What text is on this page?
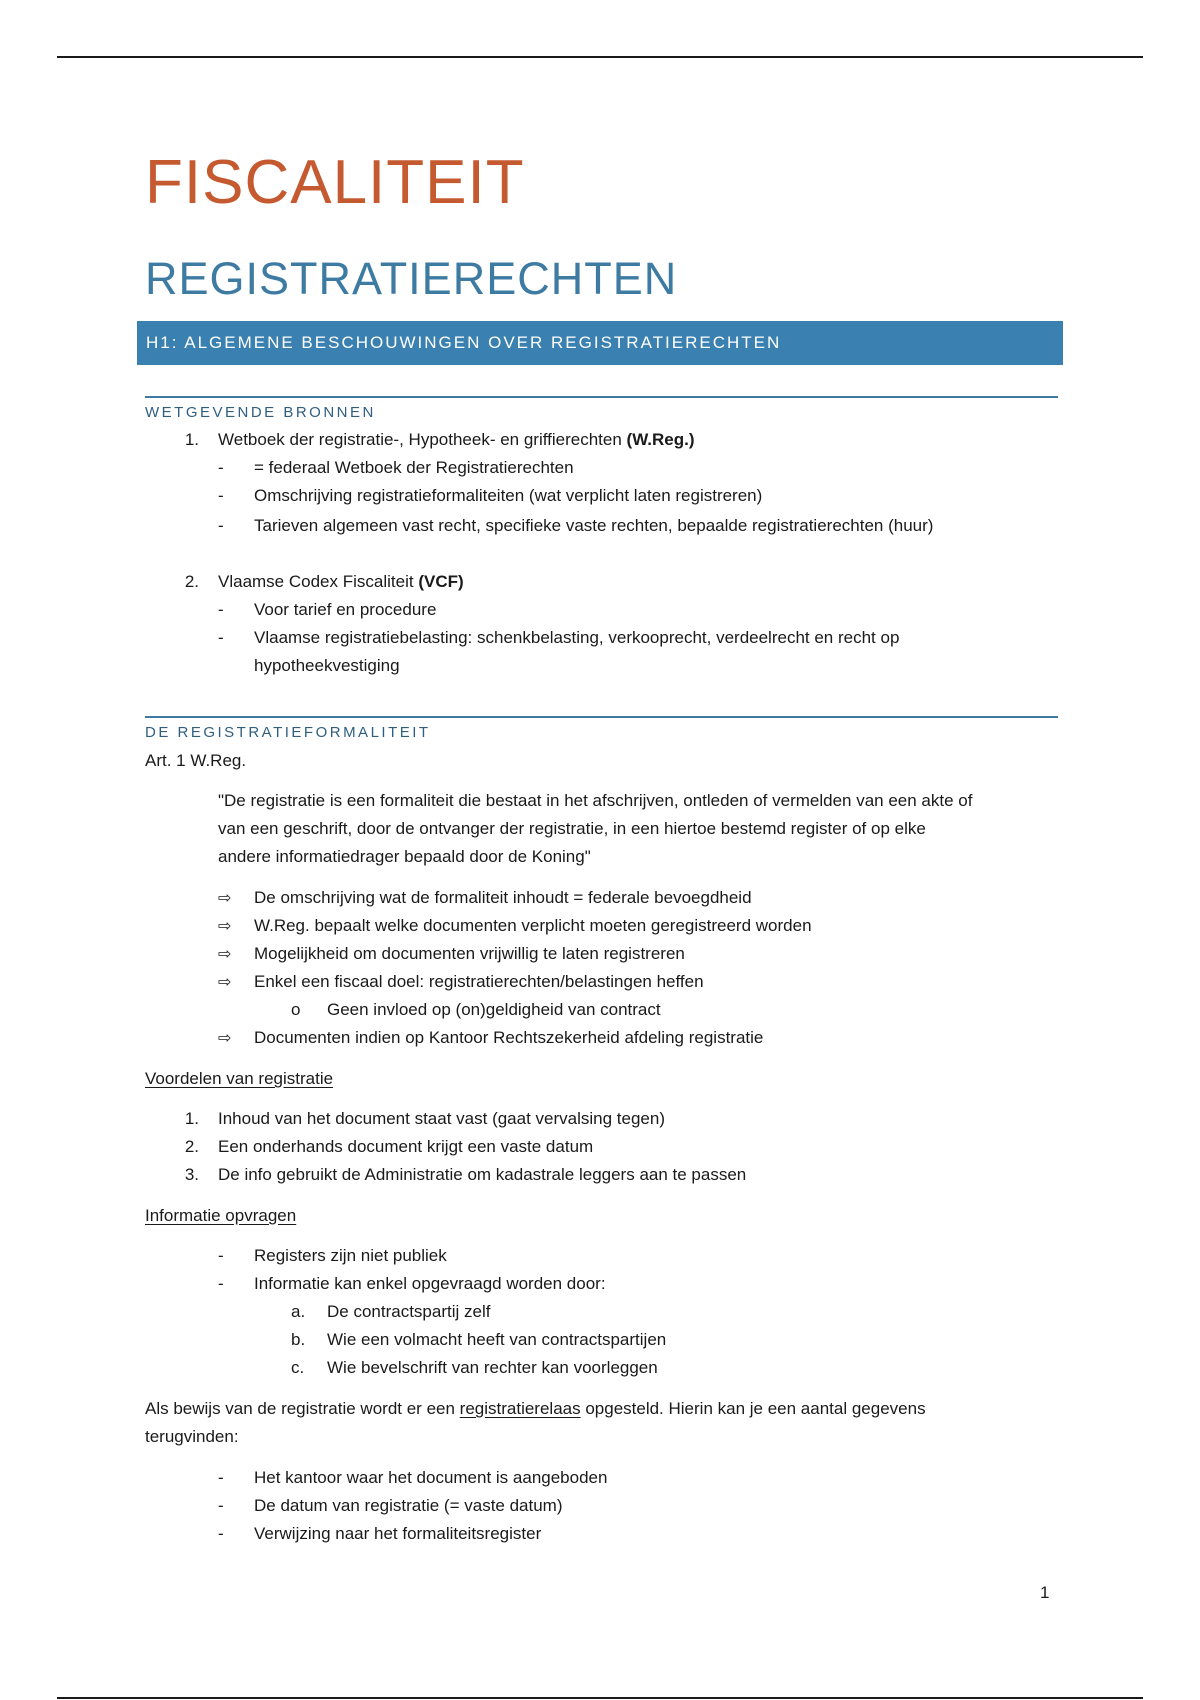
FISCALITEIT
REGISTRATIERECHTEN
H1: ALGEMENE BESCHOUWINGEN OVER REGISTRATIERECHTEN
WETGEVENDE BRONNEN
1. Wetboek der registratie-, Hypotheek- en griffierechten (W.Reg.)
- = federaal Wetboek der Registratierechten
- Omschrijving registratieformaliteiten (wat verplicht laten registreren)
- Tarieven algemeen vast recht, specifieke vaste rechten, bepaalde registratierechten (huur)
2. Vlaamse Codex Fiscaliteit (VCF)
- Voor tarief en procedure
- Vlaamse registratiebelasting: schenkbelasting, verkooprecht, verdeelrecht en recht op
hypotheekvestiging
DE REGISTRATIEFORMALITEIT
Art. 1 W.Reg.
"De registratie is een formaliteit die bestaat in het afschrijven, ontleden of vermelden van een akte of
van een geschrift, door de ontvanger der registratie, in een hiertoe bestemd register of op elke
andere informatiedrager bepaald door de Koning"
⇨ De omschrijving wat de formaliteit inhoudt = federale bevoegdheid
⇨ W.Reg. bepaalt welke documenten verplicht moeten geregistreerd worden
⇨ Mogelijkheid om documenten vrijwillig te laten registreren
⇨ Enkel een fiscaal doel: registratierechten/belastingen heffen
o Geen invloed op (on)geldigheid van contract
⇨ Documenten indien op Kantoor Rechtszekerheid afdeling registratie
Voordelen van registratie
1. Inhoud van het document staat vast (gaat vervalsing tegen)
2. Een onderhands document krijgt een vaste datum
3. De info gebruikt de Administratie om kadastrale leggers aan te passen
Informatie opvragen
- Registers zijn niet publiek
- Informatie kan enkel opgevraagd worden door:
a. De contractspartij zelf
b. Wie een volmacht heeft van contractspartijen
c. Wie bevelschrift van rechter kan voorleggen
Als bewijs van de registratie wordt er een registratierelaas opgesteld. Hierin kan je een aantal gegevens
terugvinden:
- Het kantoor waar het document is aangeboden
- De datum van registratie (= vaste datum)
- Verwijzing naar het formaliteitsregister
1
